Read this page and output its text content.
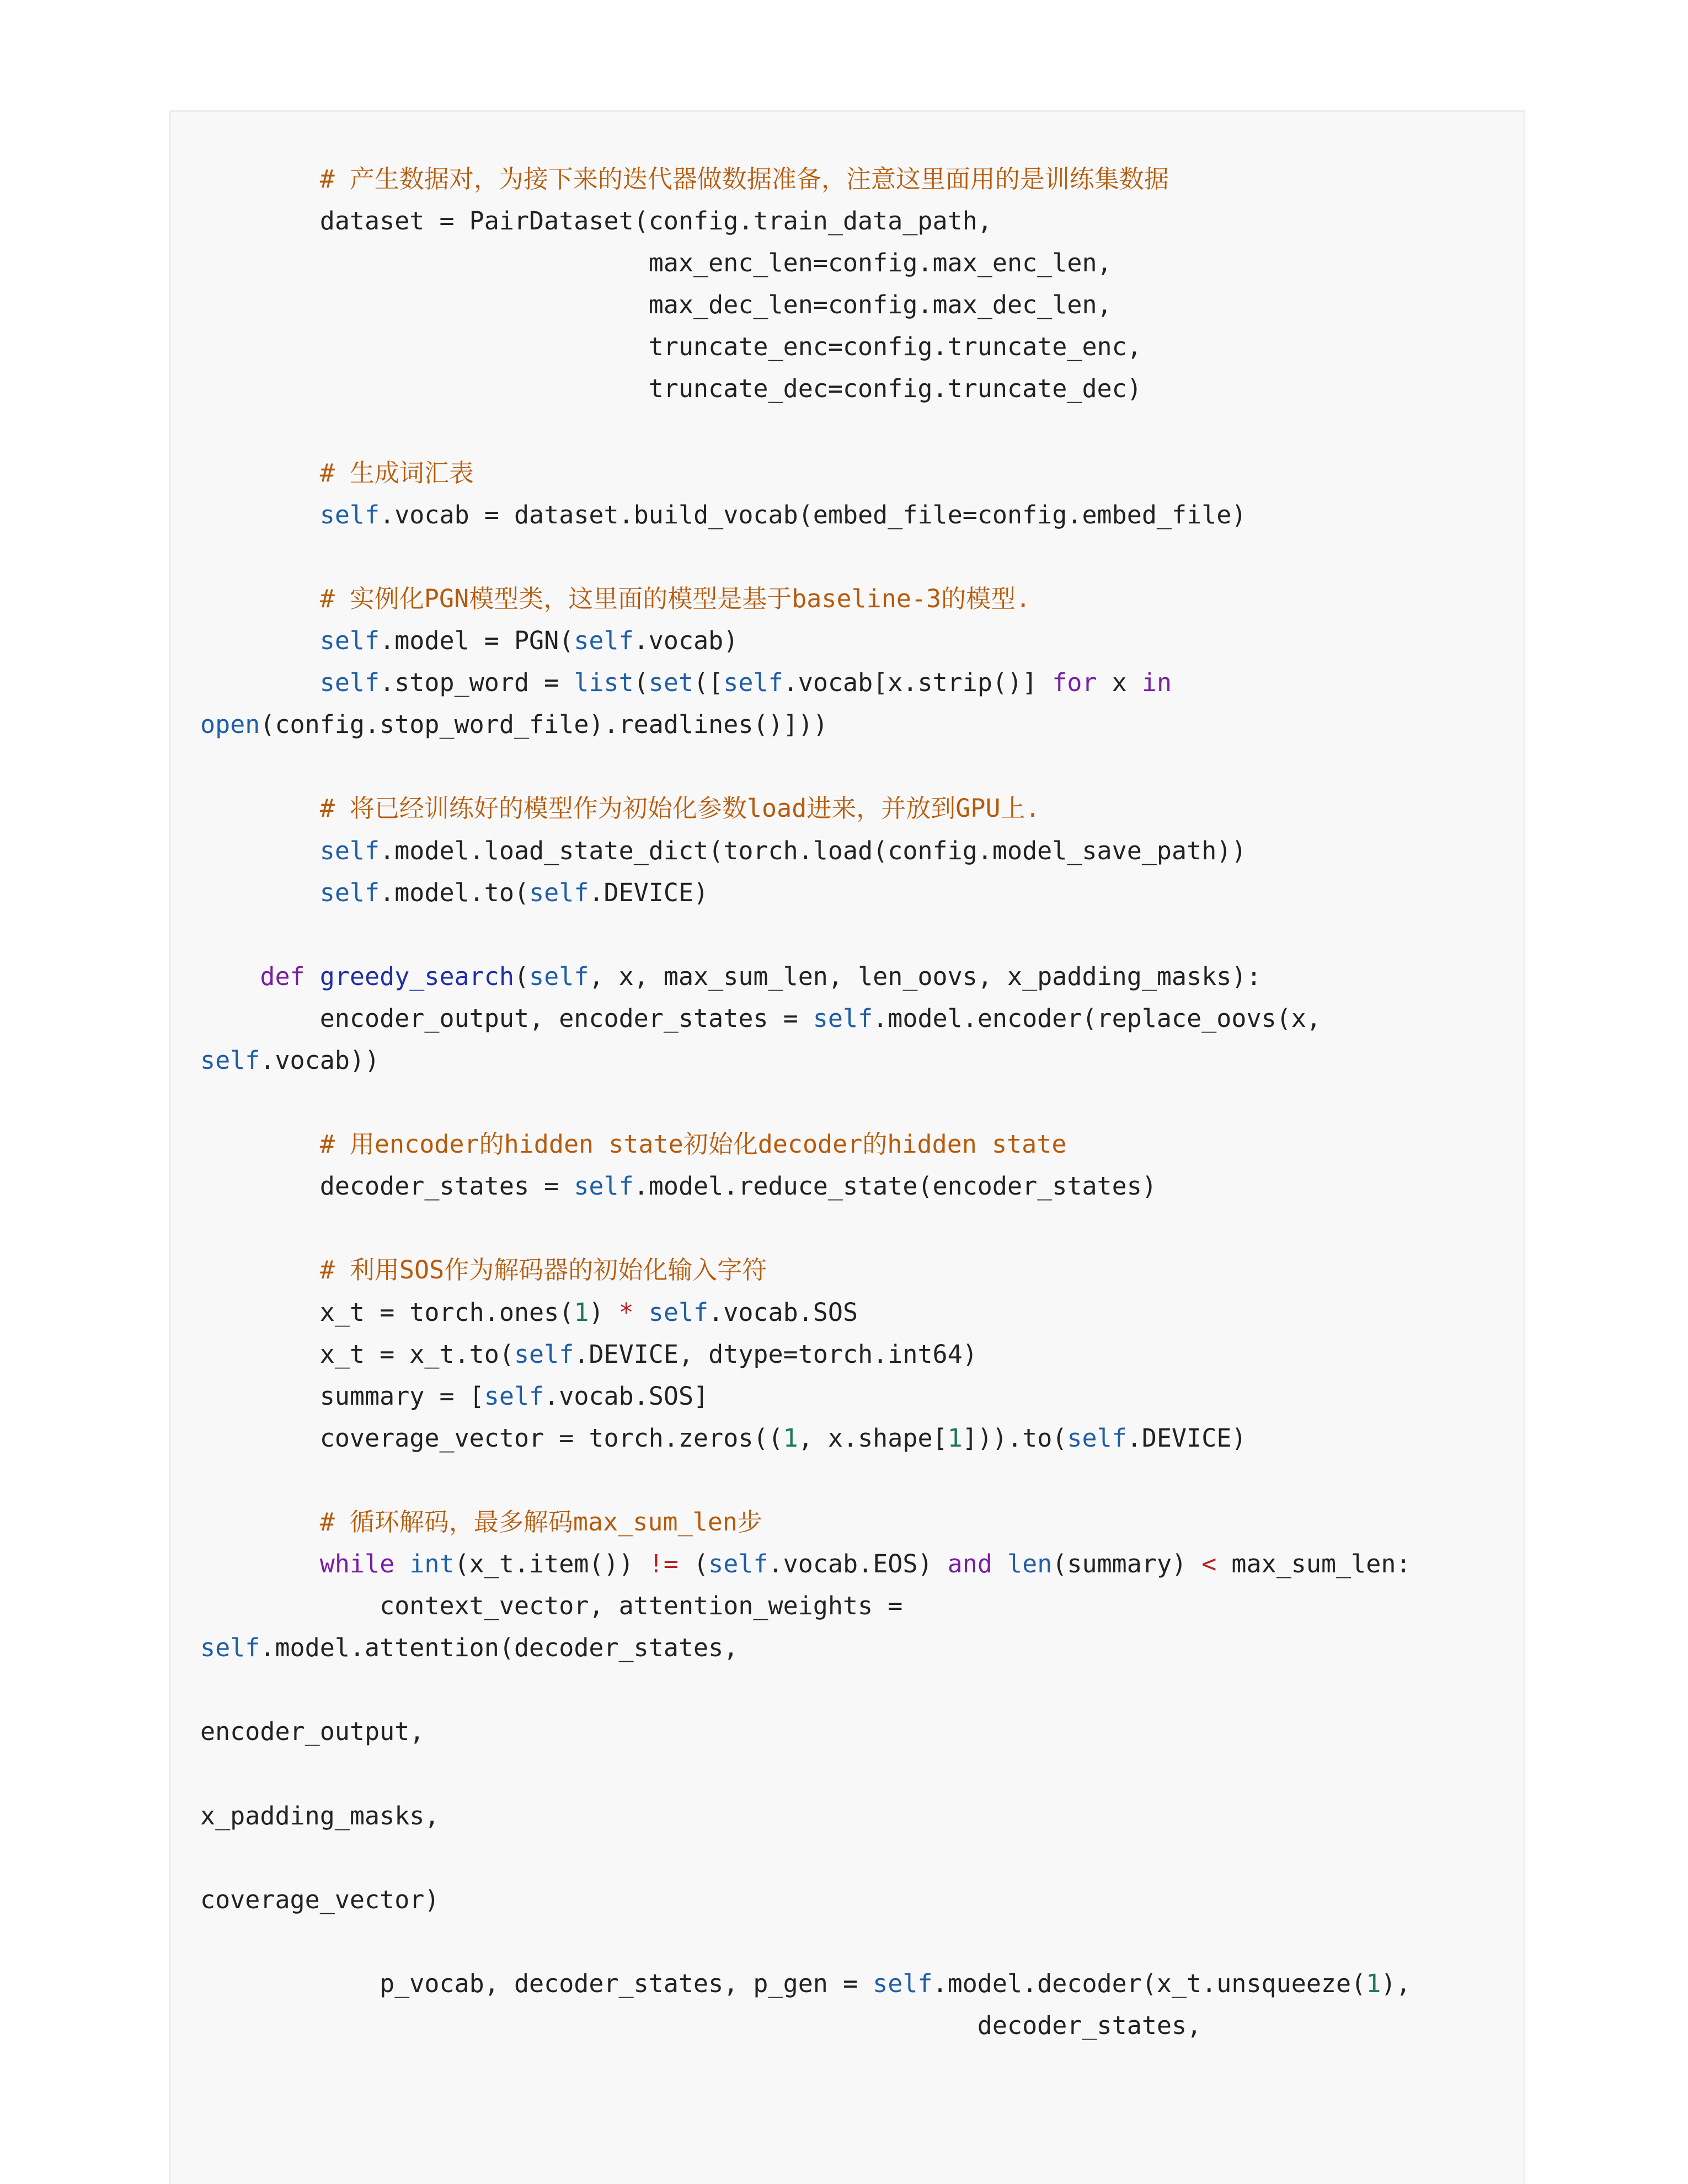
# 产生数据对，为接下来的迭代器做数据准备，注意这里面用的是训练集数据
dataset = PairDataset(config.train_data_path,
max_enc_len=config.max_enc_len,
max_dec_len=config.max_dec_len,
truncate_enc=config.truncate_enc,
truncate_dec=config.truncate_dec)

# 生成词汇表
self.vocab = dataset.build_vocab(embed_file=config.embed_file)

# 实例化PGN模型类，这里面的模型是基于baseline-3的模型.
self.model = PGN(self.vocab)
self.stop_word = list(set([self.vocab[x.strip()] for x in
open(config.stop_word_file).readlines()]))

# 将已经训练好的模型作为初始化参数load进来，并放到GPU上.
self.model.load_state_dict(torch.load(config.model_save_path))
self.model.to(self.DEVICE)

def greedy_search(self, x, max_sum_len, len_oovs, x_padding_masks):
encoder_output, encoder_states = self.model.encoder(replace_oovs(x,
self.vocab))

# 用encoder的hidden state初始化decoder的hidden state
decoder_states = self.model.reduce_state(encoder_states)

# 利用SOS作为解码器的初始化输入字符
x_t = torch.ones(1) * self.vocab.SOS
x_t = x_t.to(self.DEVICE, dtype=torch.int64)
summary = [self.vocab.SOS]
coverage_vector = torch.zeros((1, x.shape[1])).to(self.DEVICE)

# 循环解码，最多解码max_sum_len步
while int(x_t.item()) != (self.vocab.EOS) and len(summary) < max_sum_len:
context_vector, attention_weights =
self.model.attention(decoder_states,

encoder_output,

x_padding_masks,

coverage_vector)

p_vocab, decoder_states, p_gen = self.model.decoder(x_t.unsqueeze(1),
decoder_states,
